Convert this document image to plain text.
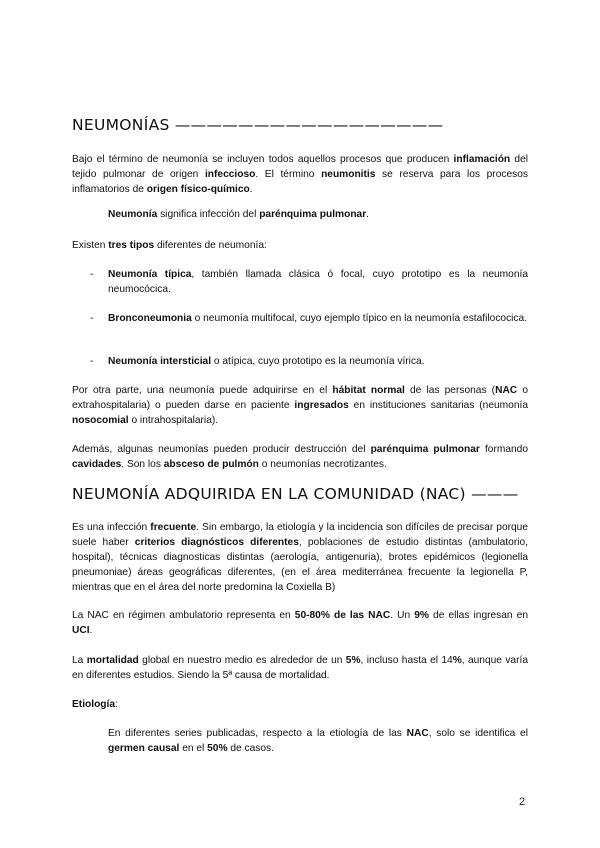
NEUMONÍAS —————————————————

Bajo el término de neumonía se incluyen todos aquellos procesos que producen inflamación del tejido pulmonar de origen infeccioso. El término neumonitis se reserva para los procesos inflamatorios de origen físico-químico.

Neumonía significa infección del parénquima pulmonar.

Existen tres tipos diferentes de neumonía:

- Neumonía típica, también llamada clásica ó focal, cuyo prototipo es la neumonía neumocócica.

- Bronconeumonia o neumonía multifocal, cuyo ejemplo típico en la neumonía estafilococica.

- Neumonía intersticial o atípica, cuyo prototipo es la neumonía vírica.

Por otra parte, una neumonía puede adquirirse en el hábitat normal de las personas (NAC o extrahospitalaria) o pueden darse en paciente ingresados en instituciones sanitarias (neumonía nosocomial o intrahospitalaria).

Además, algunas neumonías pueden producir destrucción del parénquima pulmonar formando cavidades. Son los absceso de pulmón o neumonías necrotizantes.

NEUMONÍA ADQUIRIDA EN LA COMUNIDAD (NAC) ———

Es una infección frecuente. Sin embargo, la etiología y la incidencia son difíciles de precisar porque suele haber criterios diagnósticos diferentes, poblaciones de estudio distintas (ambulatorio, hospital), técnicas diagnosticas distintas (aerología, antigenuria), brotes epidémicos (legionella pneumoniae) áreas geográficas diferentes, (en el área mediterránea frecuente la legionella P, mientras que en el área del norte predomina la Coxiella B)

La NAC en régimen ambulatorio representa en 50-80% de las NAC. Un 9% de ellas ingresan en UCI.

La mortalidad global en nuestro medio es alrededor de un 5%, incluso hasta el 14%, aunque varía en diferentes estudios. Siendo la 5ª causa de mortalidad.

Etiología:

En diferentes series publicadas, respecto a la etiología de las NAC, solo se identifica el germen causal en el 50% de casos.

2
